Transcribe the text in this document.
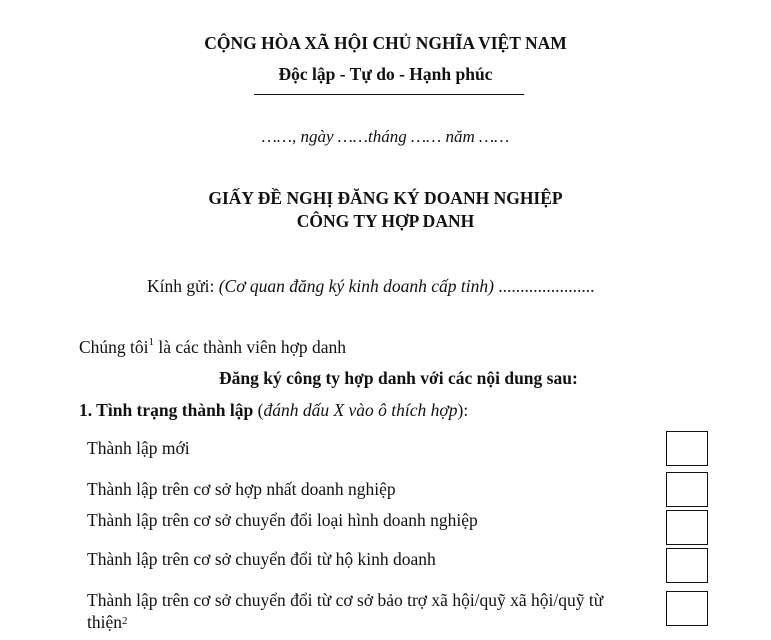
CỘNG HÒA XÃ HỘI CHỦ NGHĨA VIỆT NAM
Độc lập - Tự do - Hạnh phúc
……, ngày ……tháng …… năm ……
GIẤY ĐỀ NGHỊ ĐĂNG KÝ DOANH NGHIỆP
CÔNG TY HỢP DANH
Kính gửi: (Cơ quan đăng ký kinh doanh cấp tỉnh) ......................
Chúng tôi$^1$ là các thành viên hợp danh
Đăng ký công ty hợp danh với các nội dung sau:
1. Tình trạng thành lập (đánh dấu X vào ô thích hợp):
Thành lập mới
Thành lập trên cơ sở hợp nhất doanh nghiệp
Thành lập trên cơ sở chuyển đổi loại hình doanh nghiệp
Thành lập trên cơ sở chuyển đổi từ hộ kinh doanh
Thành lập trên cơ sở chuyển đổi từ cơ sở bảo trợ xã hội/quỹ xã hội/quỹ từ thiện$^2$
